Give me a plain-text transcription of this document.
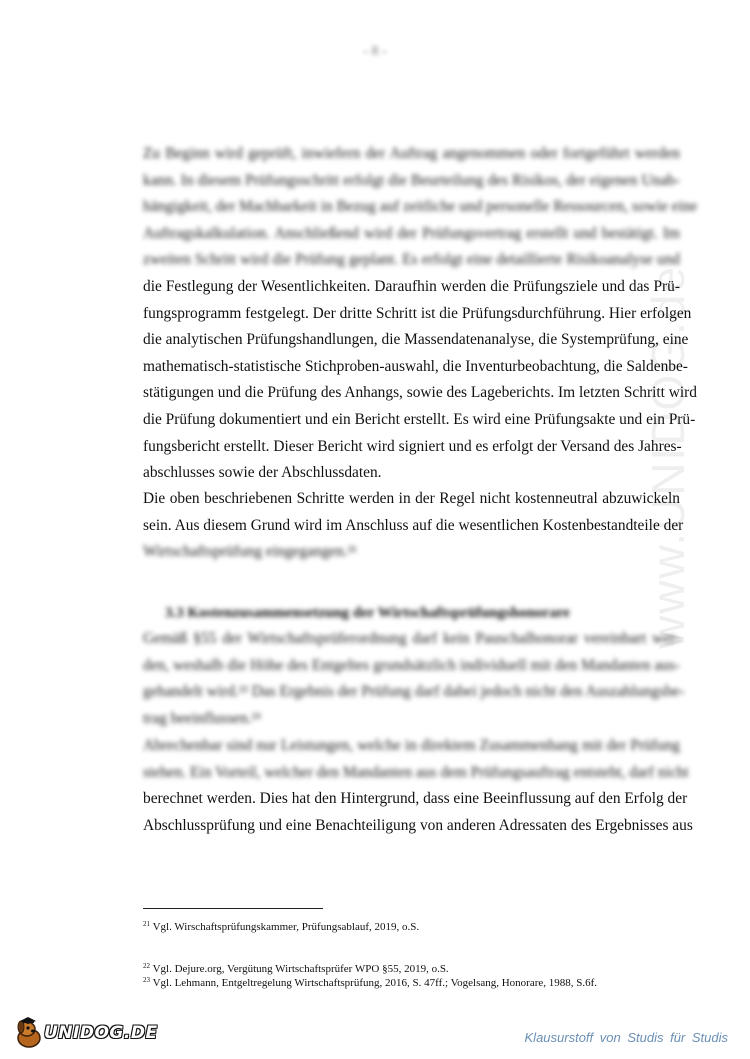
- 8 -
www.UNIDOG.de

Zu Beginn wird geprüft, inwiefern der Auftrag angenommen oder fortgeführt werden
kann. In diesem Prüfungsschritt erfolgt die Beurteilung des Risikos, der eigenen Unab-
hängigkeit, der Machbarkeit in Bezug auf zeitliche und personelle Ressourcen, sowie eine
Auftragskalkulation. Anschließend wird der Prüfungsvertrag erstellt und bestätigt. Im
zweiten Schritt wird die Prüfung geplant. Es erfolgt eine detaillierte Risikoanalyse und
die Festlegung der Wesentlichkeiten. Daraufhin werden die Prüfungsziele und das Prü-
fungsprogramm festgelegt. Der dritte Schritt ist die Prüfungsdurchführung. Hier erfolgen
die analytischen Prüfungshandlungen, die Massendatenanalyse, die Systemprüfung, eine
mathematisch-statistische Stichproben-auswahl, die Inventurbeobachtung, die Saldenbe-
stätigungen und die Prüfung des Anhangs, sowie des Lageberichts. Im letzten Schritt wird
die Prüfung dokumentiert und ein Bericht erstellt. Es wird eine Prüfungsakte und ein Prü-
fungsbericht erstellt. Dieser Bericht wird signiert und es erfolgt der Versand des Jahres-
abschlusses sowie der Abschlussdaten.

Die oben beschriebenen Schritte werden in der Regel nicht kostenneutral abzuwickeln
sein. Aus diesem Grund wird im Anschluss auf die wesentlichen Kostenbestandteile der
Wirtschaftsprüfung eingegangen.²¹

3.3 Kostenzusammensetzung der Wirtschaftsprüfungshonorare

Gemäß §55 der Wirtschaftsprüferordnung darf kein Pauschalhonorar vereinbart wer-
den, weshalb die Höhe des Entgeltes grundsätzlich individuell mit den Mandanten aus-
gehandelt wird.²² Das Ergebnis der Prüfung darf dabei jedoch nicht den Auszahlungsbe-
trag beeinflussen.²³

Abrechenbar sind nur Leistungen, welche in direktem Zusammenhang mit der Prüfung
stehen. Ein Vorteil, welcher den Mandanten aus dem Prüfungsauftrag entsteht, darf nicht
berechnet werden. Dies hat den Hintergrund, dass eine Beeinflussung auf den Erfolg der
Abschlussprüfung und eine Benachteiligung von anderen Adressaten des Ergebnisses aus

$^{21}$ Vgl. Wirschaftsprüfungskammer, Prüfungsablauf, 2019, o.S.
$^{22}$ Vgl. Dejure.org, Vergütung Wirtschaftsprüfer WPO §55, 2019, o.S.
$^{23}$ Vgl. Lehmann, Entgeltregelung Wirtschaftsprüfung, 2016, S. 47ff.; Vogelsang, Honorare, 1988, S.6f.
UNIDOG.DE	Klausurstoff von Studis für Studis
